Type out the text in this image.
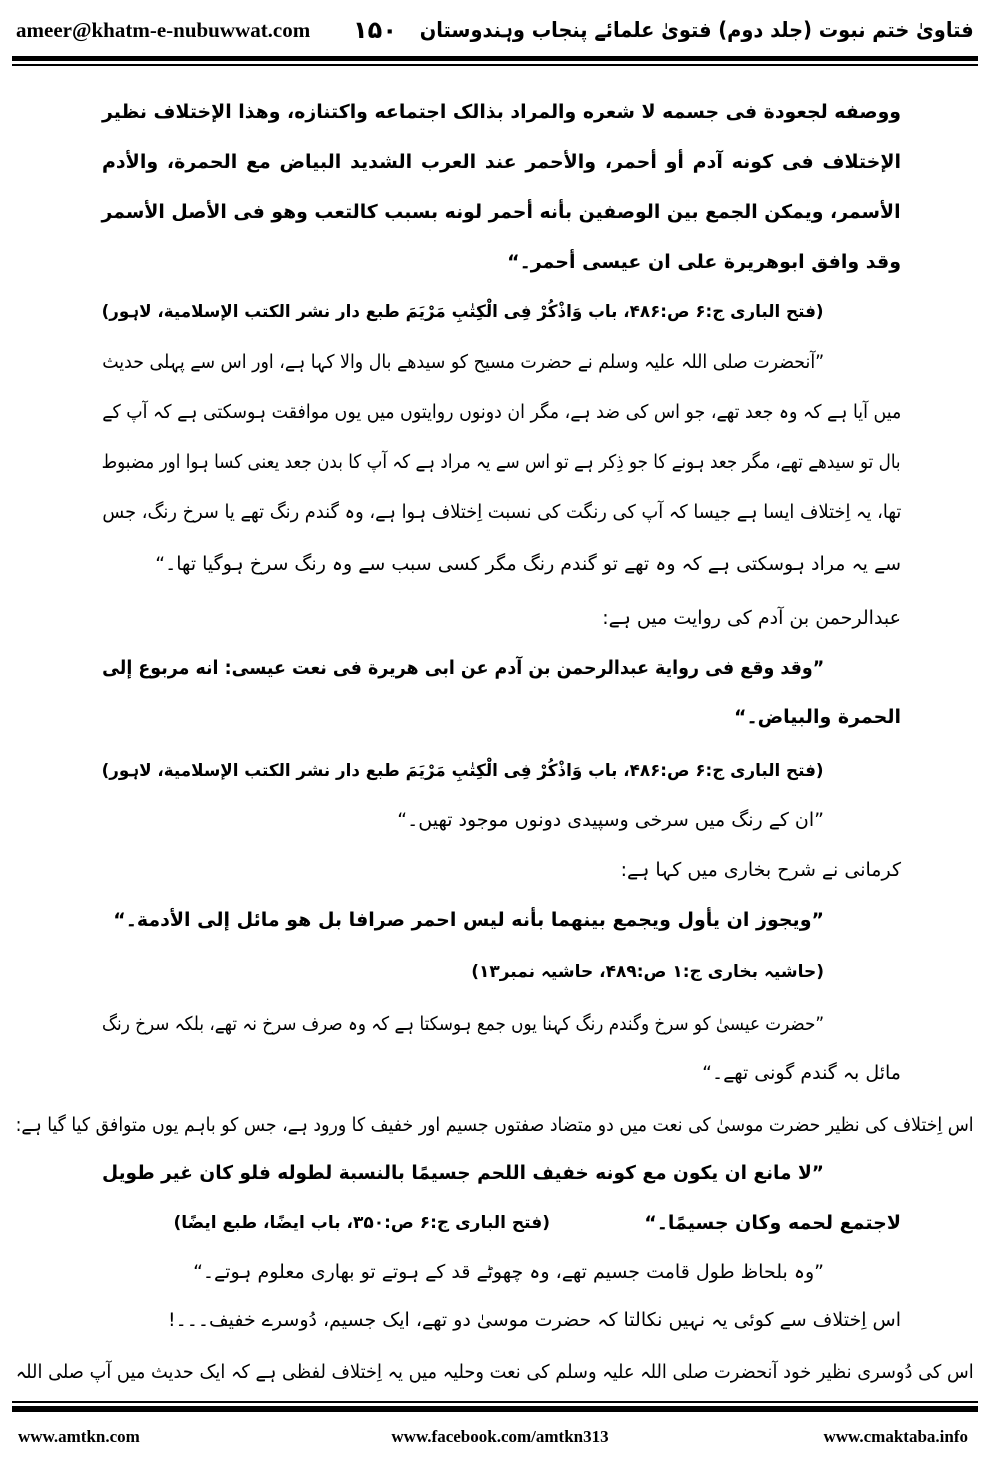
ameer@khatm-e-nubuwwat.com	۱۵۰	فتاویٰ ختم نبوت (جلد دوم) فتویٰ علمائے پنجاب وہندوستان
ووصفه لجعودة فی جسمه لا شعره والمراد بذالک اجتماعه واکتنازه، وهذا الإختلاف نظیر
الإختلاف فی کونه آدم أو أحمر، والأحمر عند العرب الشدید البیاض مع الحمرة، والأدم
الأسمر، ویمکن الجمع بین الوصفین بأنه أحمر لونه بسبب کالتعب وهو فی الأصل الأسمر
وقد وافق ابوهریرة علی ان عیسی أحمر۔“
(فتح الباری ج:۶ ص:۴۸۶، باب وَاذْکُرْ فِی الْکِتٰبِ مَرْیَمَ طبع دار نشر الکتب الإسلامیة، لاہور)
”آنحضرت صلی اللہ علیہ وسلم نے حضرت مسیح کو سیدھے بال والا کہا ہے، اور اس سے پہلی حدیث
میں آیا ہے کہ وہ جعد تھے، جو اس کی ضد ہے، مگر ان دونوں روایتوں میں یوں موافقت ہوسکتی ہے کہ آپ کے
بال تو سیدھے تھے، مگر جعد ہونے کا جو ذِکر ہے تو اس سے یہ مراد ہے کہ آپ کا بدن جعد یعنی کسا ہوا اور مضبوط
تھا، یہ اِختلاف ایسا ہے جیسا کہ آپ کی رنگت کی نسبت اِختلاف ہوا ہے، وہ گندم رنگ تھے یا سرخ رنگ، جس
سے یہ مراد ہوسکتی ہے کہ وہ تھے تو گندم رنگ مگر کسی سبب سے وہ رنگ سرخ ہوگیا تھا۔“
عبدالرحمن بن آدم کی روایت میں ہے:
”وقد وقع فی روایة عبدالرحمن بن آدم عن ابی هریرة فی نعت عیسی: انه مربوع إلی
الحمرة والبیاض۔“
(فتح الباری ج:۶ ص:۴۸۶، باب وَاذْکُرْ فِی الْکِتٰبِ مَرْیَمَ طبع دار نشر الکتب الإسلامیة، لاہور)
”ان کے رنگ میں سرخی وسپیدی دونوں موجود تھیں۔“
کرمانی نے شرح بخاری میں کہا ہے:
”ویجوز ان یأول ویجمع بینهما بأنه لیس احمر صرافا بل هو مائل إلی الأدمة۔“
(حاشیہ بخاری ج:۱ ص:۴۸۹، حاشیہ نمبر۱۳)
”حضرت عیسیٰ کو سرخ وگندم رنگ کہنا یوں جمع ہوسکتا ہے کہ وہ صرف سرخ نہ تھے، بلکہ سرخ رنگ
مائل بہ گندم گونی تھے۔“
اس اِختلاف کی نظیر حضرت موسیٰ کی نعت میں دو متضاد صفتوں جسیم اور خفیف کا ورود ہے، جس کو باہم یوں متوافق کیا گیا ہے:
”لا مانع ان یکون مع کونه خفیف اللحم جسیمًا بالنسبة لطوله فلو کان غیر طویل
لاجتمع لحمه وکان جسیمًا۔“
(فتح الباری ج:۶ ص:۳۵۰، باب ایضًا، طبع ایضًا)
”وہ بلحاظ طول قامت جسیم تھے، وہ چھوٹے قد کے ہوتے تو بھاری معلوم ہوتے۔“
اس اِختلاف سے کوئی یہ نہیں نکالتا کہ حضرت موسیٰ دو تھے، ایک جسیم، دُوسرے خفیف۔۔۔!
اس کی دُوسری نظیر خود آنحضرت صلی اللہ علیہ وسلم کی نعت وحلیہ میں یہ اِختلاف لفظی ہے کہ ایک حدیث میں آپ صلی اللہ
www.amtkn.com	www.facebook.com/amtkn313	www.cmaktaba.info
